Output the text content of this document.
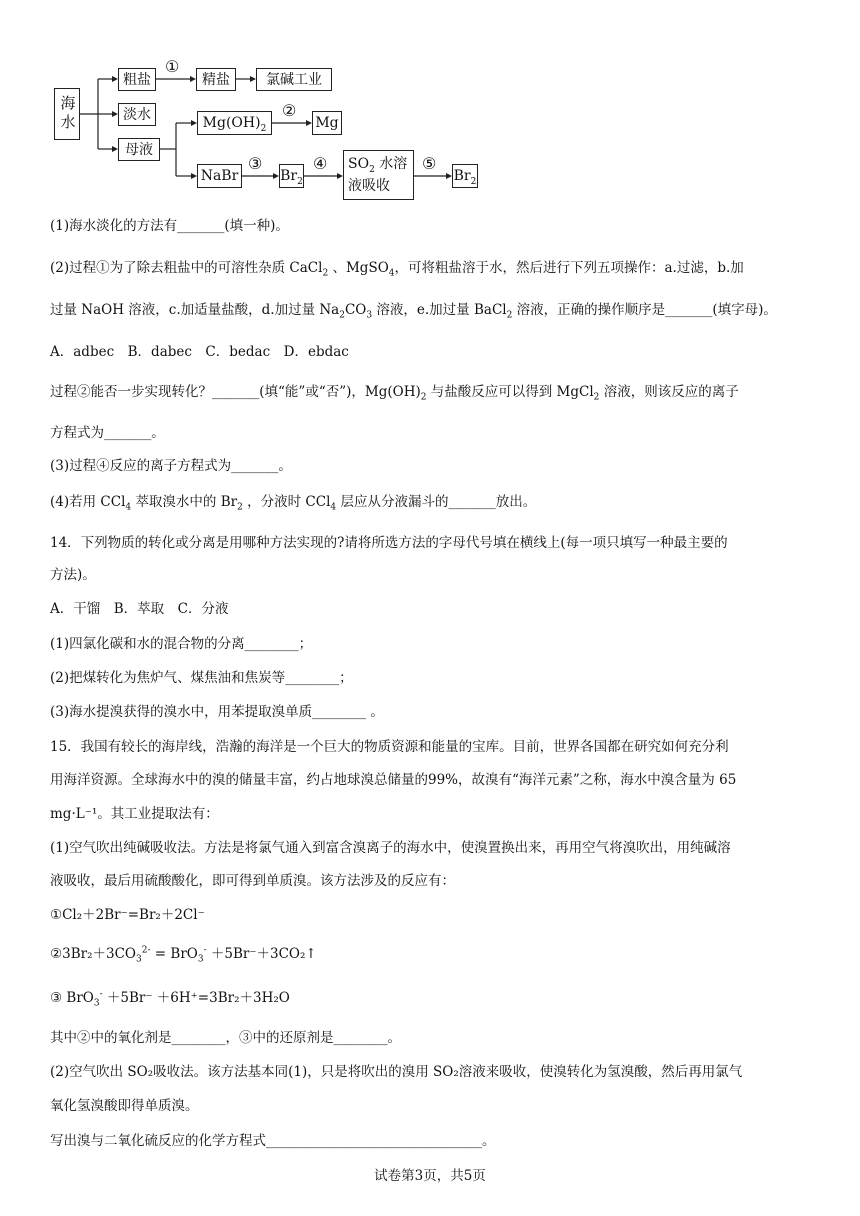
海水
粗盐
淡水
母液
精盐	氯碱工业
$Mg(OH)_2$	Mg
NaBr	$Br_2$
$SO_2$ 水溶
液吸收
$Br_2$
①
②
③	④	⑤
(1)海水淡化的方法有_______(填一种)。
(2)过程①为了除去粗盐中的可溶性杂质 CaCl$_2$ 、MgSO$_4$，可将粗盐溶于水，然后进行下列五项操作：a.过滤，b.加
过量 NaOH 溶液，c.加适量盐酸，d.加过量 $Na_2CO_3$ 溶液，e.加过量 BaCl$_2$ 溶液，正确的操作顺序是_______(填字母)。
A．adbec　B．dabec　C．bedac　D．ebdac
过程②能否一步实现转化？_______(填“能”或“否”)，$Mg(OH)_2$ 与盐酸反应可以得到 MgCl$_2$ 溶液，则该反应的离子
方程式为_______。
(3)过程④反应的离子方程式为_______。
(4)若用 CCl$_4$ 萃取溴水中的 $Br_2$ ，分液时 CCl$_4$ 层应从分液漏斗的_______放出。
14．下列物质的转化或分离是用哪种方法实现的?请将所选方法的字母代号填在横线上(每一项只填写一种最主要的
方法)。
A．干馏　B．萃取　C．分液
(1)四氯化碳和水的混合物的分离________；
(2)把煤转化为焦炉气、煤焦油和焦炭等________；
(3)海水提溴获得的溴水中，用苯提取溴单质________ 。
15．我国有较长的海岸线，浩瀚的海洋是一个巨大的物质资源和能量的宝库。目前，世界各国都在研究如何充分利
用海洋资源。全球海水中的溴的储量丰富，约占地球溴总储量的99%，故溴有“海洋元素”之称，海水中溴含量为 65
mg·L⁻¹。其工业提取法有：
(1)空气吹出纯碱吸收法。方法是将氯气通入到富含溴离子的海水中，使溴置换出来，再用空气将溴吹出，用纯碱溶
液吸收，最后用硫酸酸化，即可得到单质溴。该方法涉及的反应有：
①Cl₂＋2Br⁻=Br₂＋2Cl⁻
$②3Br_2+3CO_3^{2-} = BrO_3^-$ ＋5Br⁻＋3CO₂↑
③ BrO$_3$- ＋5Br⁻ ＋6H⁺=3Br₂＋3H₂O
其中②中的氧化剂是________，③中的还原剂是________。
(2)空气吹出 SO₂吸收法。该方法基本同(1)，只是将吹出的溴用 SO₂溶液来吸收，使溴转化为氢溴酸，然后再用氯气
氧化氢溴酸即得单质溴。
写出溴与二氧化硫反应的化学方程式________________________________。
试卷第3页，共5页
